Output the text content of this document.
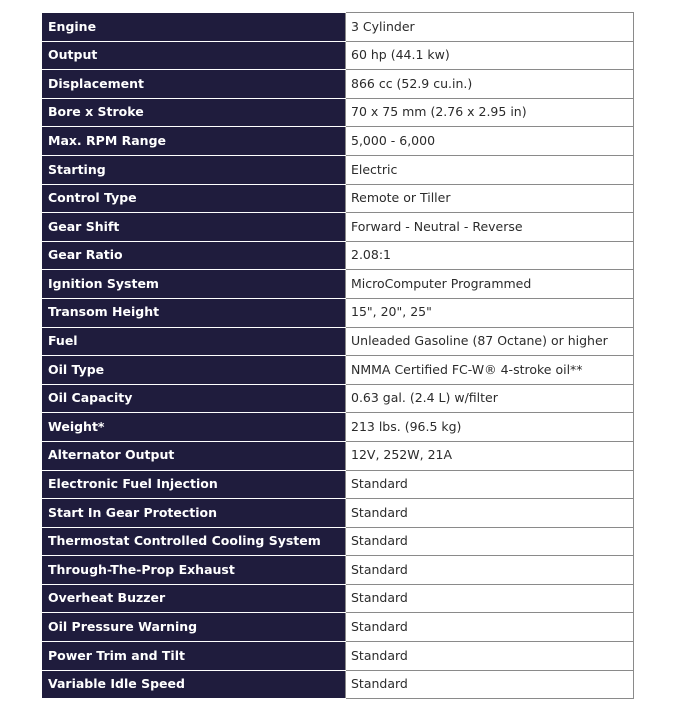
Engine	3 Cylinder
Output	60 hp (44.1 kw)
Displacement	866 cc (52.9 cu.in.)
Bore x Stroke	70 x 75 mm (2.76 x 2.95 in)
Max. RPM Range	5,000 - 6,000
Starting	Electric
Control Type	Remote or Tiller
Gear Shift	Forward - Neutral - Reverse
Gear Ratio	2.08:1
Ignition System	MicroComputer Programmed
Transom Height	15", 20", 25"
Fuel	Unleaded Gasoline (87 Octane) or higher
Oil Type	NMMA Certified FC-W® 4-stroke oil**
Oil Capacity	0.63 gal. (2.4 L) w/filter
Weight*	213 lbs. (96.5 kg)
Alternator Output	12V, 252W, 21A
Electronic Fuel Injection	Standard
Start In Gear Protection	Standard
Thermostat Controlled Cooling System	Standard
Through-The-Prop Exhaust	Standard
Overheat Buzzer	Standard
Oil Pressure Warning	Standard
Power Trim and Tilt	Standard
Variable Idle Speed	Standard
